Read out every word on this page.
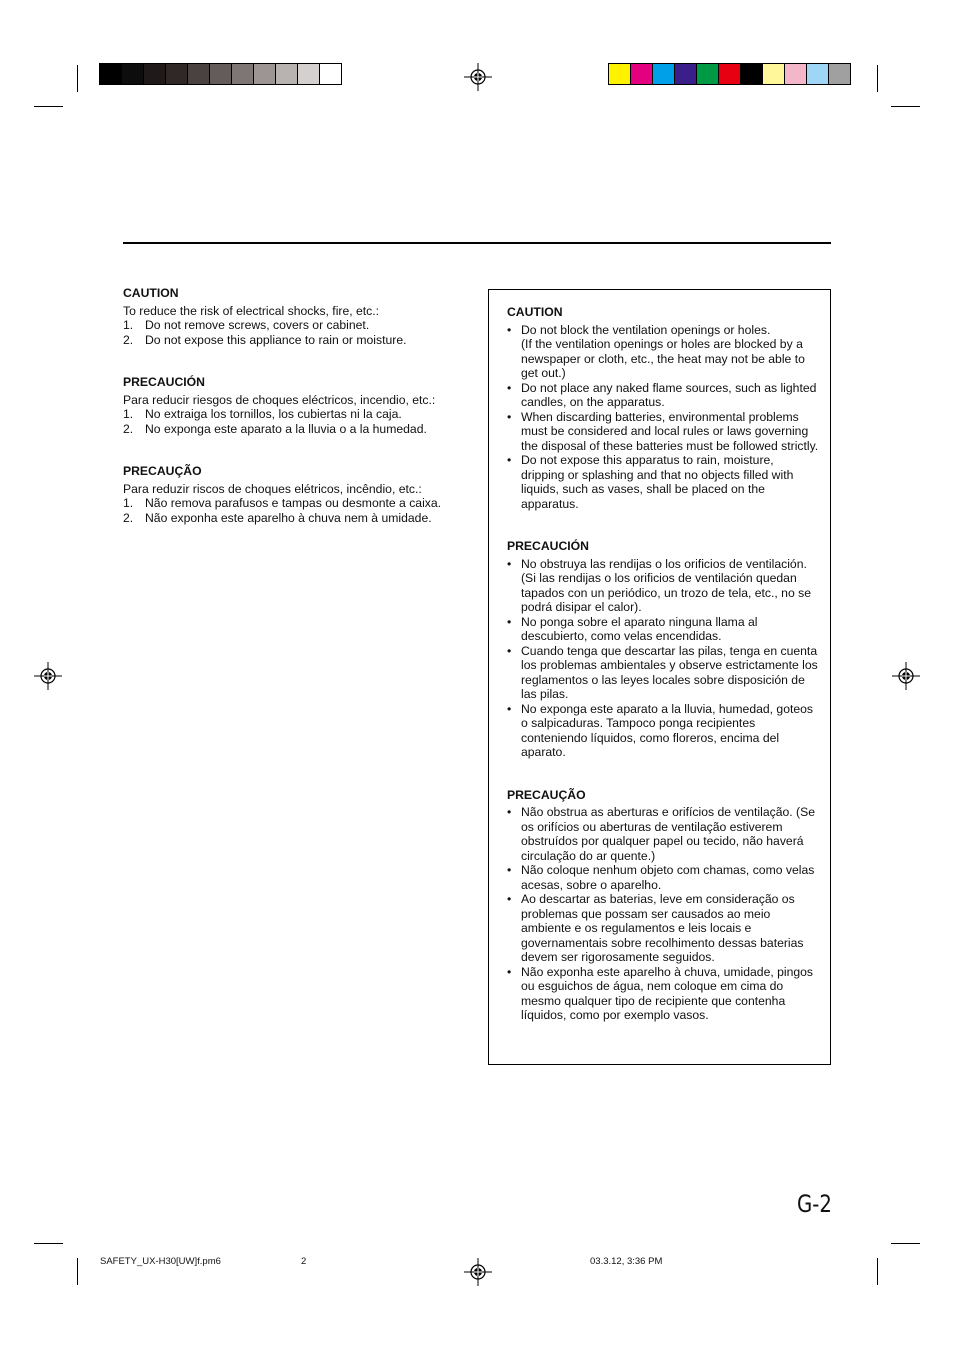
CAUTION
To reduce the risk of electrical shocks, fire, etc.:
1. Do not remove screws, covers or cabinet.
2. Do not expose this appliance to rain or moisture.
PRECAUCIÓN
Para reducir riesgos de choques eléctricos, incendio, etc.:
1. No extraiga los tornillos, los cubiertas ni la caja.
2. No exponga este aparato a la lluvia o a la humedad.
PRECAUÇÃO
Para reduzir riscos de choques elétricos, incêndio, etc.:
1. Não remova parafusos e tampas ou desmonte a caixa.
2. Não exponha este aparelho à chuva nem à umidade.
CAUTION
• Do not block the ventilation openings or holes.
(If the ventilation openings or holes are blocked by a newspaper or cloth, etc., the heat may not be able to get out.)
• Do not place any naked flame sources, such as lighted candles, on the apparatus.
• When discarding batteries, environmental problems must be considered and local rules or laws governing the disposal of these batteries must be followed strictly.
• Do not expose this apparatus to rain, moisture, dripping or splashing and that no objects filled with liquids, such as vases, shall be placed on the apparatus.
PRECAUCIÓN
• No obstruya las rendijas o los orificios de ventilación.
(Si las rendijas o los orificios de ventilación quedan tapados con un periódico, un trozo de tela, etc., no se podrá disipar el calor).
• No ponga sobre el aparato ninguna llama al descubierto, como velas encendidas.
• Cuando tenga que descartar las pilas, tenga en cuenta los problemas ambientales y observe estrictamente los reglamentos o las leyes locales sobre disposición de las pilas.
• No exponga este aparato a la lluvia, humedad, goteos o salpicaduras. Tampoco ponga recipientes conteniendo líquidos, como floreros, encima del aparato.
PRECAUÇÃO
• Não obstrua as aberturas e orifícios de ventilação. (Se os orifícios ou aberturas de ventilação estiverem obstruídos por qualquer papel ou tecido, não haverá circulação do ar quente.)
• Não coloque nenhum objeto com chamas, como velas acesas, sobre o aparelho.
• Ao descartar as baterias, leve em consideração os problemas que possam ser causados ao meio ambiente e os regulamentos e leis locais e governamentais sobre recolhimento dessas baterias devem ser rigorosamente seguidos.
• Não exponha este aparelho à chuva, umidade, pingos ou esguichos de água, nem coloque em cima do mesmo qualquer tipo de recipiente que contenha líquidos, como por exemplo vasos.
G-2
SAFETY_UX-H30[UW]f.pm6	2	03.3.12, 3:36 PM
